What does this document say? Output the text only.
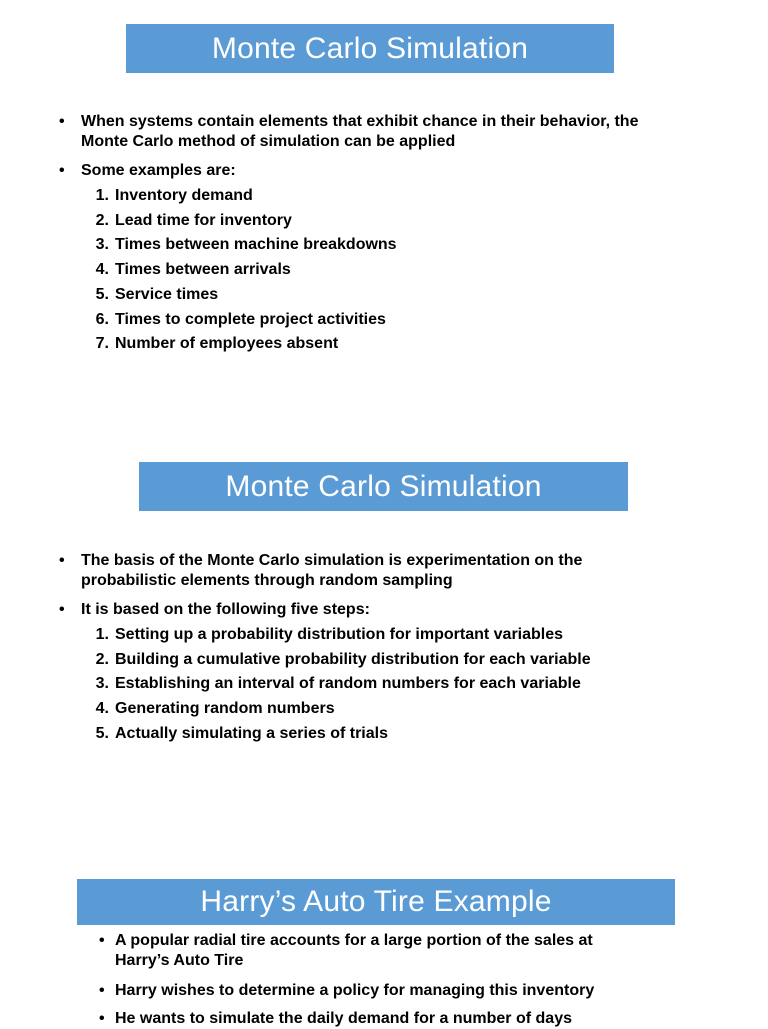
Monte Carlo Simulation
• When systems contain elements that exhibit chance in their behavior, the
Monte Carlo method of simulation can be applied
• Some examples are:
1. Inventory demand
2. Lead time for inventory
3. Times between machine breakdowns
4. Times between arrivals
5. Service times
6. Times to complete project activities
7. Number of employees absent
Monte Carlo Simulation
• The basis of the Monte Carlo simulation is experimentation on the
probabilistic elements through random sampling
• It is based on the following five steps:
1. Setting up a probability distribution for important variables
2. Building a cumulative probability distribution for each variable
3. Establishing an interval of random numbers for each variable
4. Generating random numbers
5. Actually simulating a series of trials
Harry’s Auto Tire Example
• A popular radial tire accounts for a large portion of the sales at
Harry’s Auto Tire
• Harry wishes to determine a policy for managing this inventory
• He wants to simulate the daily demand for a number of days
